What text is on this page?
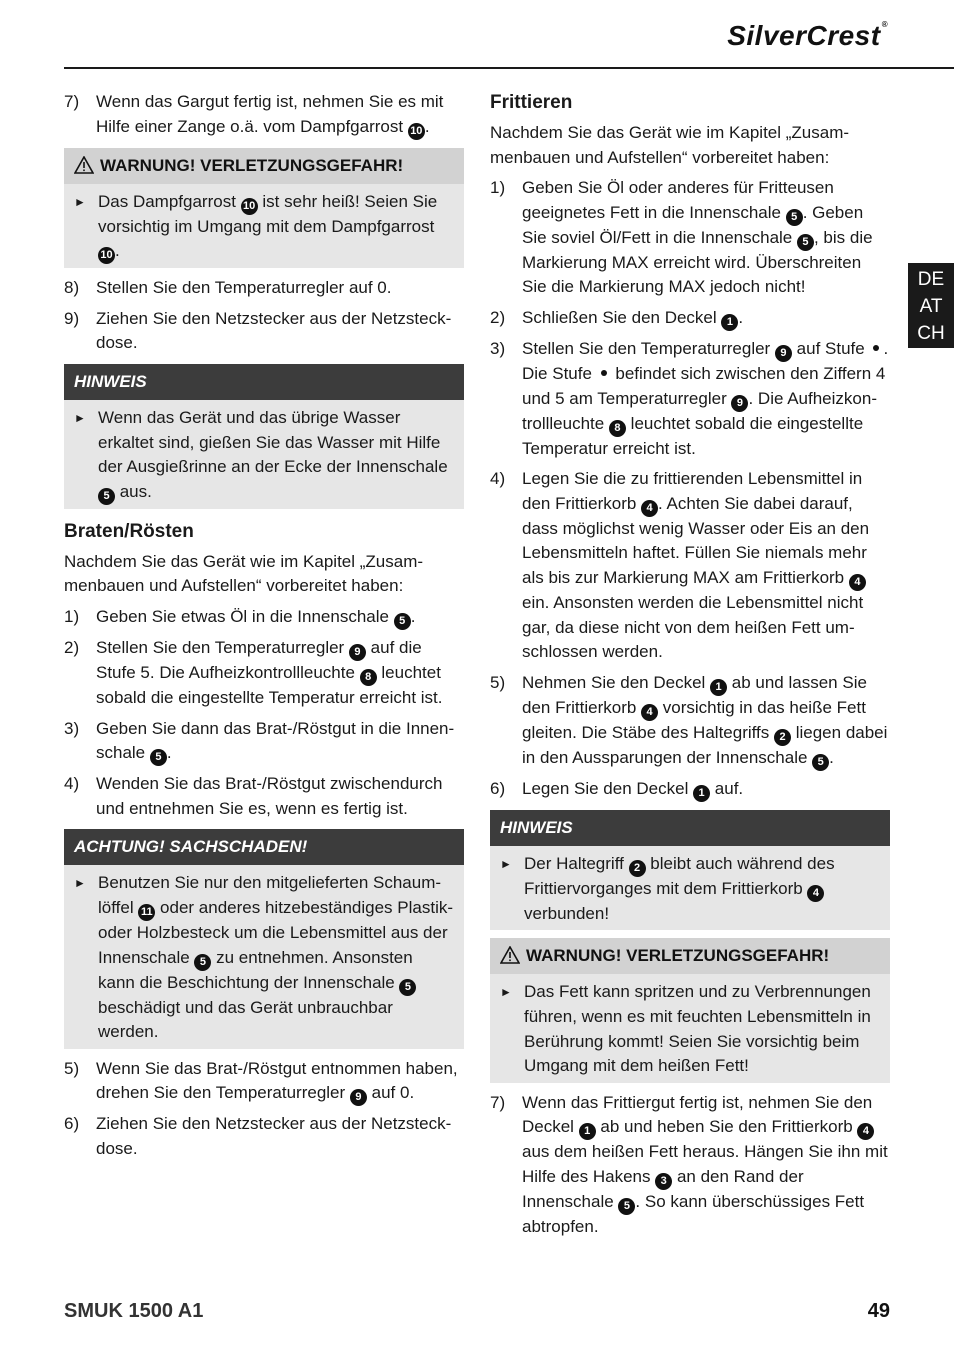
SilverCrest®
DE
AT
CH
7) Wenn das Gargut fertig ist, nehmen Sie es mit Hilfe einer Zange o.ä. vom Dampfgarrost 10 .
WARNUNG! VERLETZUNGSGEFAHR!
► Das Dampfgarrost 10 ist sehr heiß! Seien Sie vorsichtig im Umgang mit dem Dampfgarrost 10 .
8) Stellen Sie den Temperaturregler auf 0.
9) Ziehen Sie den Netzstecker aus der Netzsteckdose.
HINWEIS
► Wenn das Gerät und das übrige Wasser erkaltet sind, gießen Sie das Wasser mit Hilfe der Ausgießrinne an der Ecke der Innenschale 5 aus.
Braten/Rösten

Nachdem Sie das Gerät wie im Kapitel „Zusammenbauen und Aufstellen“ vorbereitet haben:

1) Geben Sie etwas Öl in die Innenschale 5 .
2) Stellen Sie den Temperaturregler 9 auf die Stufe 5. Die Aufheizkontrollleuchte 8 leuchtet sobald die eingestellte Temperatur erreicht ist.
3) Geben Sie dann das Brat-/Röstgut in die Innenschale 5 .
4) Wenden Sie das Brat-/Röstgut zwischendurch und entnehmen Sie es, wenn es fertig ist.
ACHTUNG! SACHSCHADEN!
► Benutzen Sie nur den mitgelieferten Schaumlöffel 11 oder anderes hitzebeständiges Plastik- oder Holzbesteck um die Lebensmittel aus der Innenschale 5 zu entnehmen. Ansonsten kann die Beschichtung der Innenschale 5 beschädigt und das Gerät unbrauchbar werden.
5) Wenn Sie das Brat-/Röstgut entnommen haben, drehen Sie den Temperaturregler 9 auf 0.
6) Ziehen Sie den Netzstecker aus der Netzsteckdose.
Frittieren

Nachdem Sie das Gerät wie im Kapitel „Zusammenbauen und Aufstellen“ vorbereitet haben:

1) Geben Sie Öl oder anderes für Fritteusen geeignetes Fett in die Innenschale 5 . Geben Sie soviel Öl/Fett in die Innenschale 5 , bis die Markierung MAX erreicht wird. Überschreiten Sie die Markierung MAX jedoch nicht!
2) Schließen Sie den Deckel 1 .
3) Stellen Sie den Temperaturregler 9 auf Stufe . Die Stufe  befindet sich zwischen den Ziffern 4 und 5 am Temperaturregler 9 . Die Aufheizkontrollleuchte 8 leuchtet sobald die eingestellte Temperatur erreicht ist.
4) Legen Sie die zu frittierenden Lebensmittel in den Frittierkorb 4 . Achten Sie dabei darauf, dass möglichst wenig Wasser oder Eis an den Lebensmitteln haftet. Füllen Sie niemals mehr als bis zur Markierung MAX am Frittierkorb 4 ein. Ansonsten werden die Lebensmittel nicht gar, da diese nicht von dem heißen Fett umschlossen werden.
5) Nehmen Sie den Deckel 1 ab und lassen Sie den Frittierkorb 4 vorsichtig in das heiße Fett gleiten. Die Stäbe des Haltegriffs 2 liegen dabei in den Aussparungen der Innenschale 5 .
6) Legen Sie den Deckel 1 auf.
HINWEIS
► Der Haltegriff 2 bleibt auch während des Frittiervorganges mit dem Frittierkorb 4 verbunden!
WARNUNG! VERLETZUNGSGEFAHR!
► Das Fett kann spritzen und zu Verbrennungen führen, wenn es mit feuchten Lebensmitteln in Berührung kommt! Seien Sie vorsichtig beim Umgang mit dem heißen Fett!
7) Wenn das Frittiergut fertig ist, nehmen Sie den Deckel 1 ab und heben Sie den Frittierkorb 4 aus dem heißen Fett heraus. Hängen Sie ihn mit Hilfe des Hakens 3 an den Rand der Innenschale 5 . So kann überschüssiges Fett abtropfen.
SMUK 1500 A1	49
